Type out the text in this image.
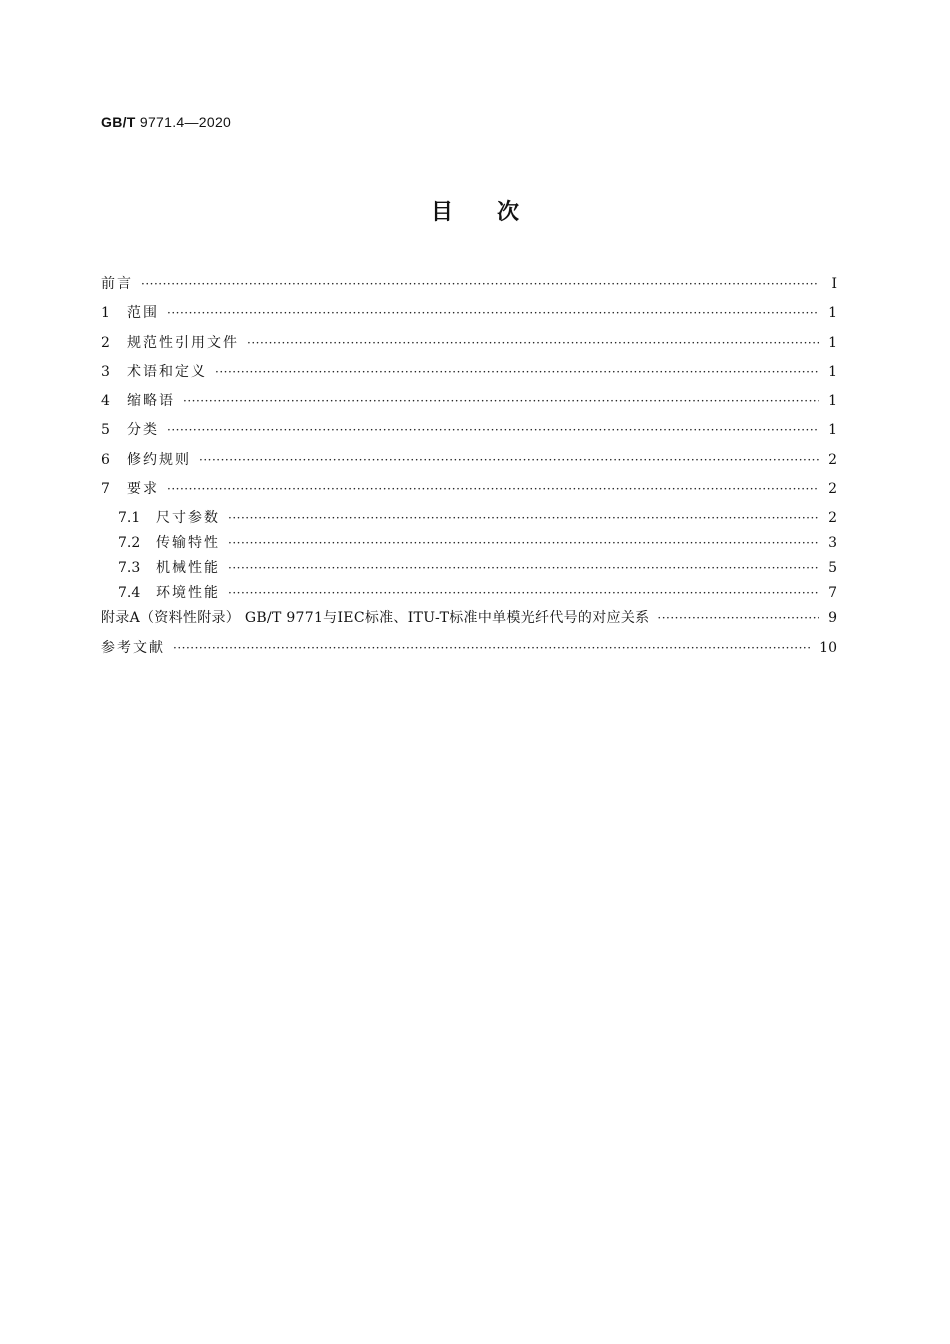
GB/T 9771.4—2020
目次
前言 ·····	Ⅰ
1	范围 ·····	1
2	规范性引用文件 ·····	1
3	术语和定义 ·····	1
4	缩略语 ·····	1
5	分类 ·····	1
6	修约规则 ·····	2
7	要求 ·····	2
7.1	尺寸参数 ·····	2
7.2	传输特性 ·····	3
7.3	机械性能 ·····	5
7.4	环境性能 ·····	7
附录A（资料性附录） GB/T 9771与IEC标准、ITU-T标准中单模光纤代号的对应关系 ·····	9
参考文献 ·····	10
